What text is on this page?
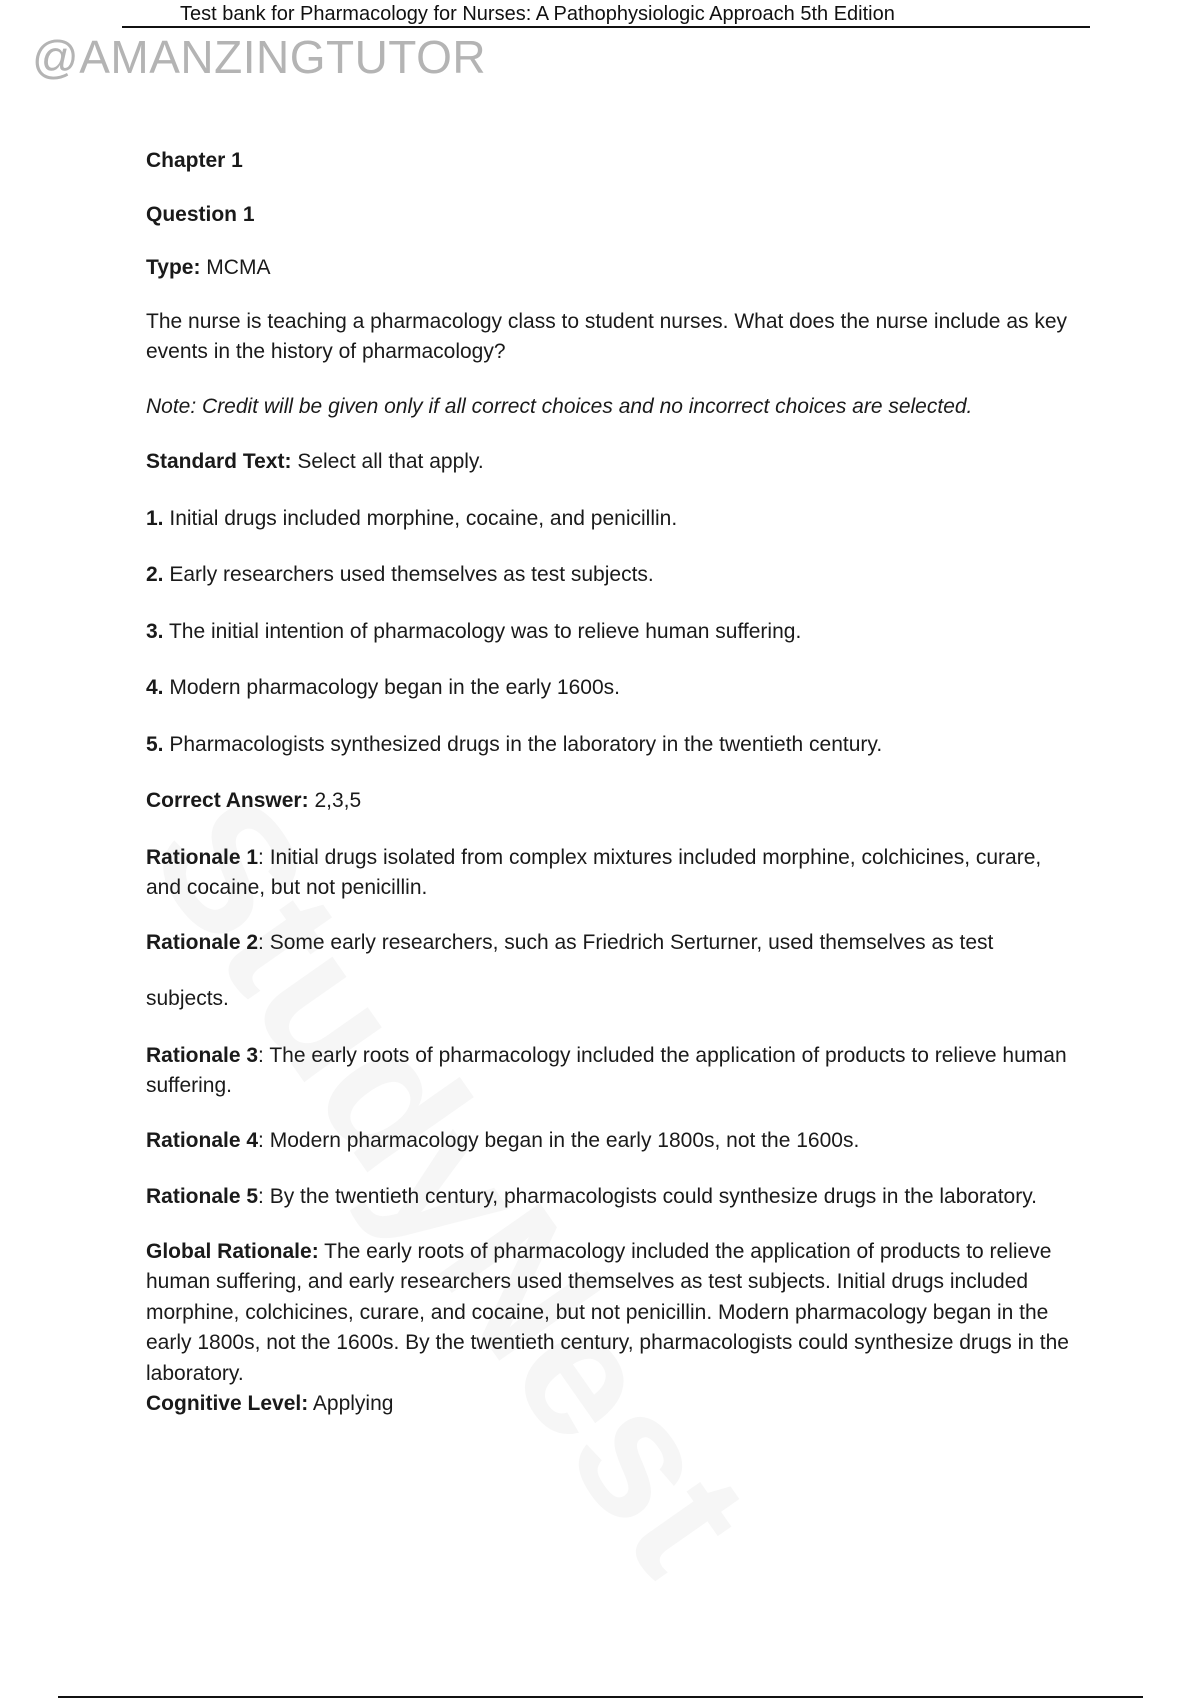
Test bank for Pharmacology for Nurses: A Pathophysiologic Approach 5th Edition
@AMANZINGTUTOR

Chapter 1

Question 1

Type: MCMA

The nurse is teaching a pharmacology class to student nurses. What does the nurse include as key events in the history of pharmacology?

Note: Credit will be given only if all correct choices and no incorrect choices are selected.

Standard Text: Select all that apply.

1. Initial drugs included morphine, cocaine, and penicillin.

2. Early researchers used themselves as test subjects.

3. The initial intention of pharmacology was to relieve human suffering.

4. Modern pharmacology began in the early 1600s.

5. Pharmacologists synthesized drugs in the laboratory in the twentieth century.

Correct Answer: 2,3,5

Rationale 1: Initial drugs isolated from complex mixtures included morphine, colchicines, curare, and cocaine, but not penicillin.

Rationale 2: Some early researchers, such as Friedrich Serturner, used themselves as test

subjects.

Rationale 3: The early roots of pharmacology included the application of products to relieve human suffering.

Rationale 4: Modern pharmacology began in the early 1800s, not the 1600s.

Rationale 5: By the twentieth century, pharmacologists could synthesize drugs in the laboratory.

Global Rationale: The early roots of pharmacology included the application of products to relieve human suffering, and early researchers used themselves as test subjects. Initial drugs included morphine, colchicines, curare, and cocaine, but not penicillin. Modern pharmacology began in the early 1800s, not the 1600s. By the twentieth century, pharmacologists could synthesize drugs in the laboratory.

Cognitive Level: Applying
